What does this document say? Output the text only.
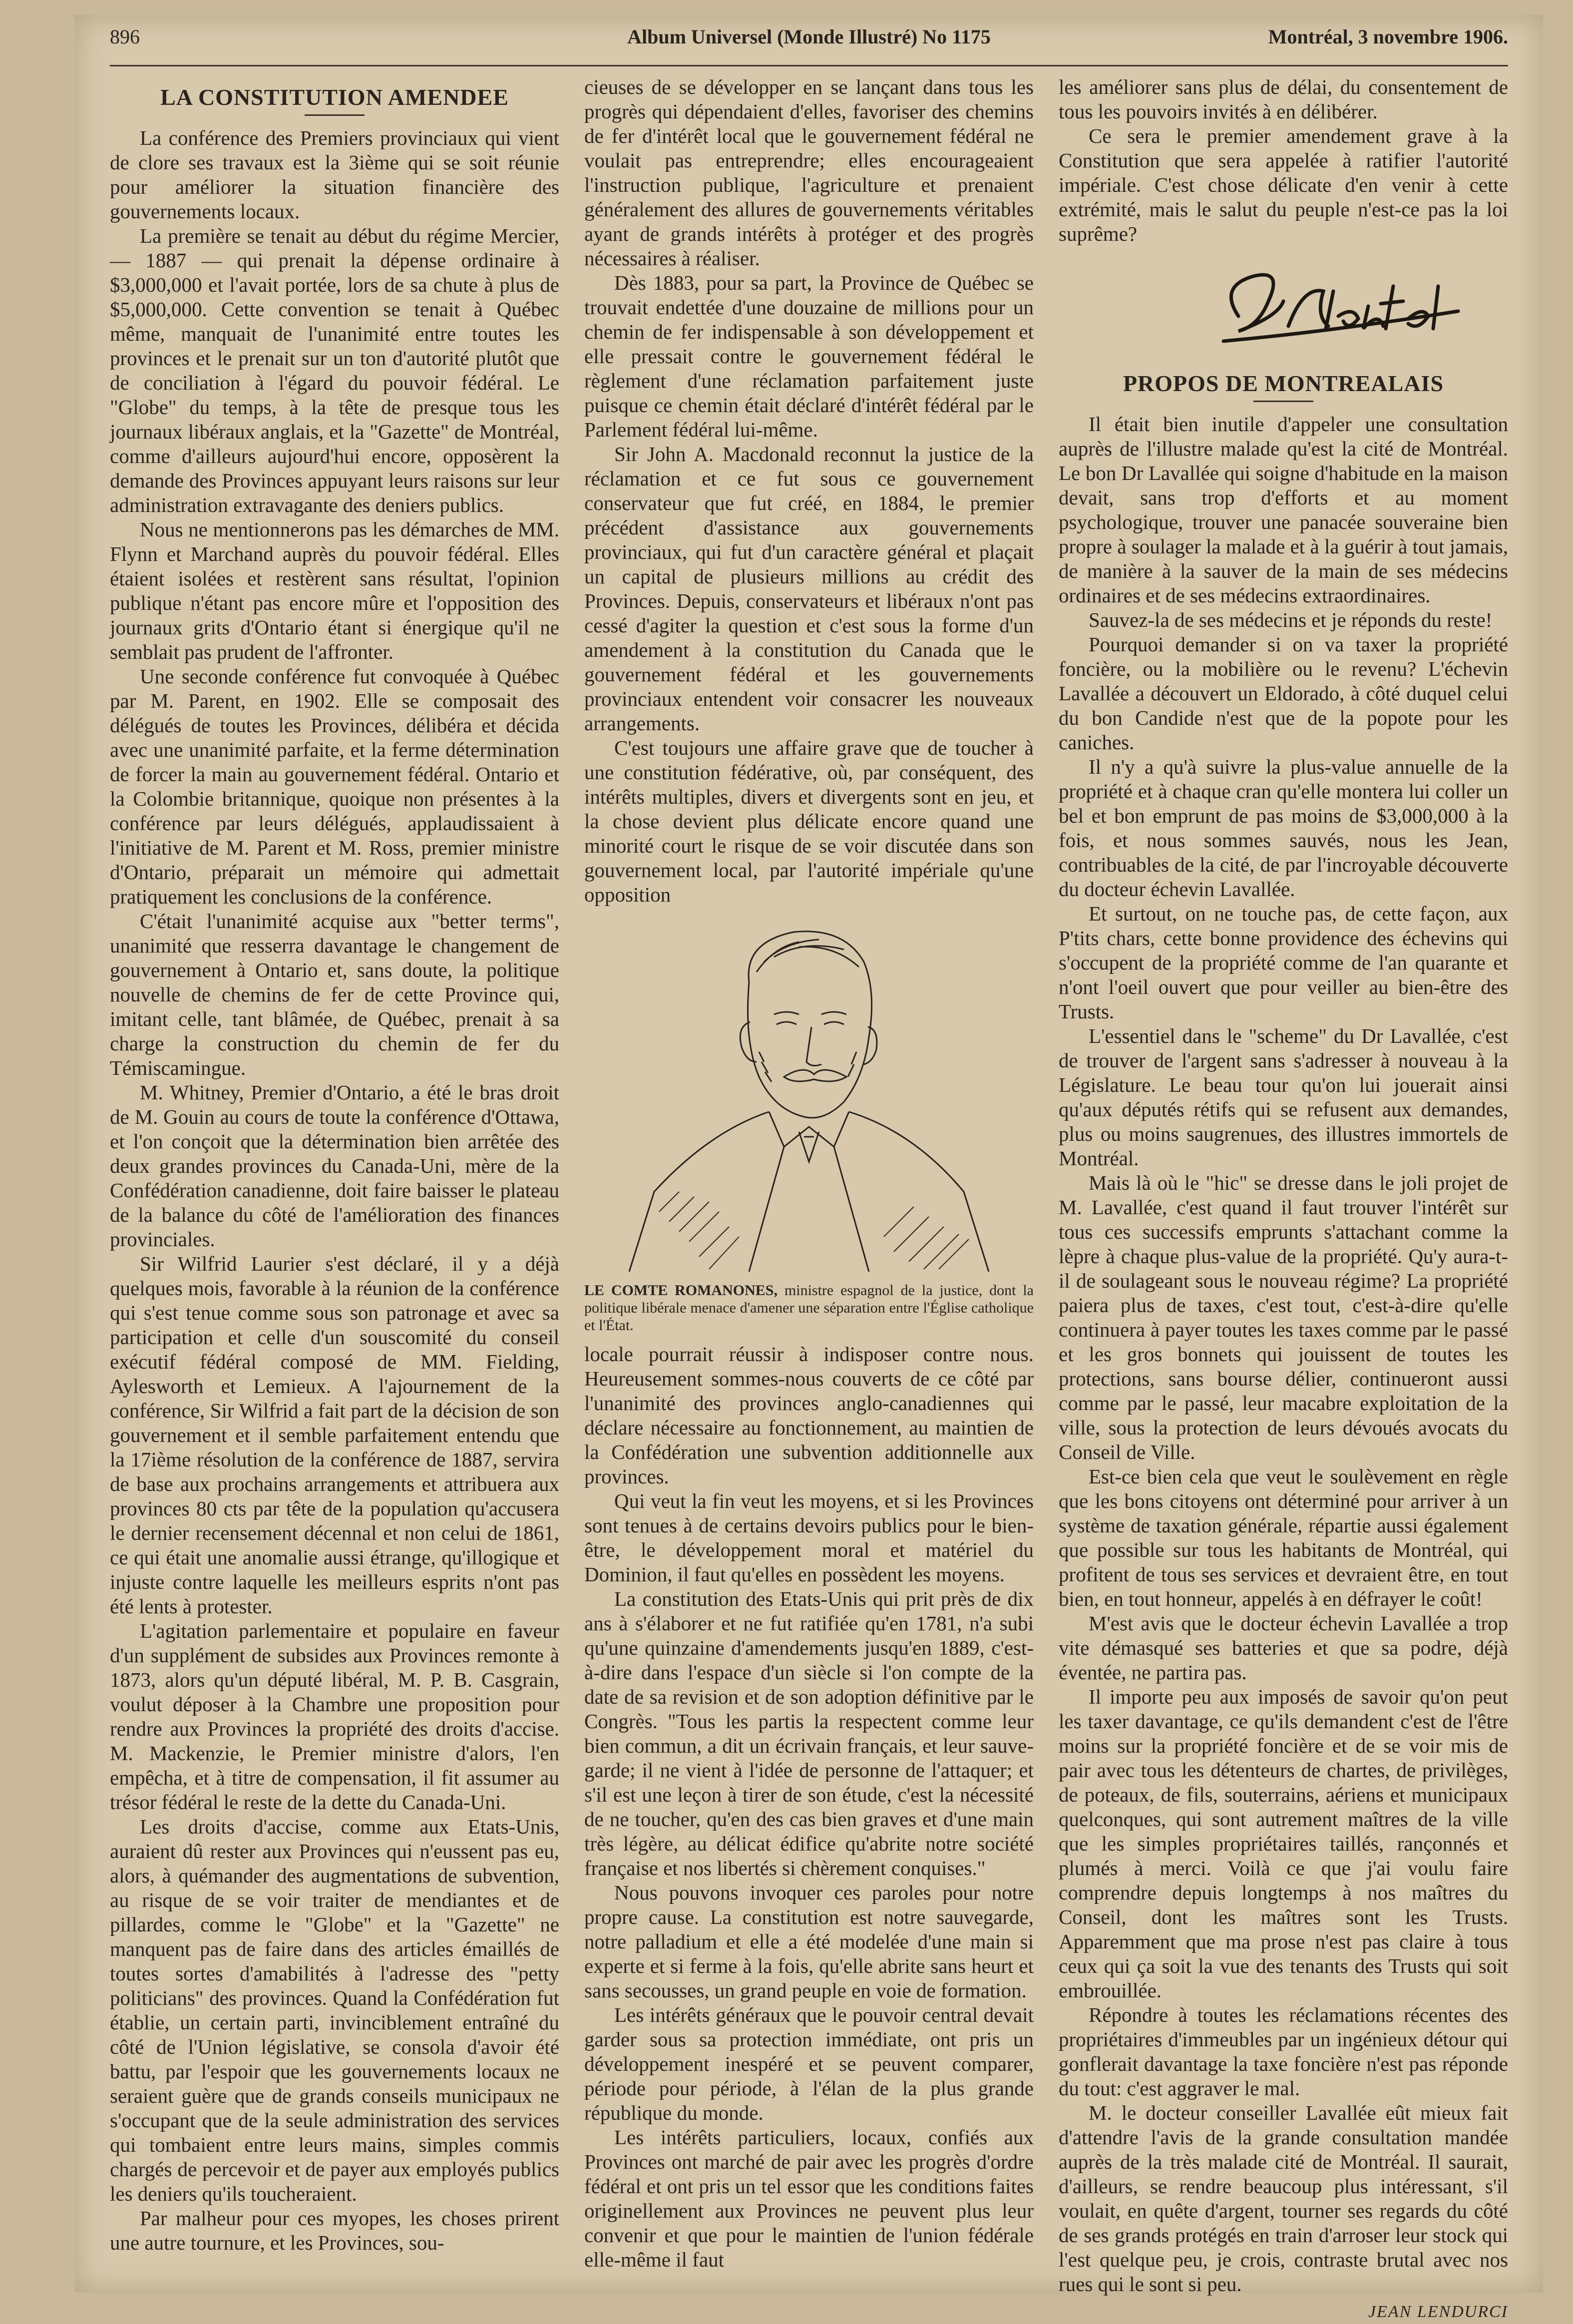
896	Album Universel (Monde Illustré) No 1175	Montréal, 3 novembre 1906.
LA CONSTITUTION AMENDEE

La conférence des Premiers provinciaux qui vient de clore ses travaux est la 3ième qui se soit réunie pour améliorer la situation financière des gouvernements locaux.

La première se tenait au début du régime Mercier, — 1887 — qui prenait la dépense ordinaire à $3,000,000 et l'avait portée, lors de sa chute à plus de $5,000,000. Cette convention se tenait à Québec même, manquait de l'unanimité entre toutes les provinces et le prenait sur un ton d'autorité plutôt que de conciliation à l'égard du pouvoir fédéral. Le "Globe" du temps, à la tête de presque tous les journaux libéraux anglais, et la "Gazette" de Montréal, comme d'ailleurs aujourd'hui encore, opposèrent la demande des Provinces appuyant leurs raisons sur leur administration extravagante des deniers publics.

Nous ne mentionnerons pas les démarches de MM. Flynn et Marchand auprès du pouvoir fédéral. Elles étaient isolées et restèrent sans résultat, l'opinion publique n'étant pas encore mûre et l'opposition des journaux grits d'Ontario étant si énergique qu'il ne semblait pas prudent de l'affronter.

Une seconde conférence fut convoquée à Québec par M. Parent, en 1902. Elle se composait des délégués de toutes les Provinces, délibéra et décida avec une unanimité parfaite, et la ferme détermination de forcer la main au gouvernement fédéral. Ontario et la Colombie britannique, quoique non présentes à la conférence par leurs délégués, applaudissaient à l'initiative de M. Parent et M. Ross, premier ministre d'Ontario, préparait un mémoire qui admettait pratiquement les conclusions de la conférence.

C'était l'unanimité acquise aux "better terms", unanimité que resserra davantage le changement de gouvernement à Ontario et, sans doute, la politique nouvelle de chemins de fer de cette Province qui, imitant celle, tant blâmée, de Québec, prenait à sa charge la construction du chemin de fer du Témiscamingue.

M. Whitney, Premier d'Ontario, a été le bras droit de M. Gouin au cours de toute la conférence d'Ottawa, et l'on conçoit que la détermination bien arrêtée des deux grandes provinces du Canada-Uni, mère de la Confédération canadienne, doit faire baisser le plateau de la balance du côté de l'amélioration des finances provinciales.

Sir Wilfrid Laurier s'est déclaré, il y a déjà quelques mois, favorable à la réunion de la conférence qui s'est tenue comme sous son patronage et avec sa participation et celle d'un souscomité du conseil exécutif fédéral composé de MM. Fielding, Aylesworth et Lemieux. A l'ajournement de la conférence, Sir Wilfrid a fait part de la décision de son gouvernement et il semble parfaitement entendu que la 17ième résolution de la conférence de 1887, servira de base aux prochains arrangements et attribuera aux provinces 80 cts par tête de la population qu'accusera le dernier recensement décennal et non celui de 1861, ce qui était une anomalie aussi étrange, qu'illogique et injuste contre laquelle les meilleurs esprits n'ont pas été lents à protester.

L'agitation parlementaire et populaire en faveur d'un supplément de subsides aux Provinces remonte à 1873, alors qu'un député libéral, M. P. B. Casgrain, voulut déposer à la Chambre une proposition pour rendre aux Provinces la propriété des droits d'accise. M. Mackenzie, le Premier ministre d'alors, l'en empêcha, et à titre de compensation, il fit assumer au trésor fédéral le reste de la dette du Canada-Uni.

Les droits d'accise, comme aux Etats-Unis, auraient dû rester aux Provinces qui n'eussent pas eu, alors, à quémander des augmentations de subvention, au risque de se voir traiter de mendiantes et de pillardes, comme le "Globe" et la "Gazette" ne manquent pas de faire dans des articles émaillés de toutes sortes d'amabilités à l'adresse des "petty politicians" des provinces. Quand la Confédération fut établie, un certain parti, invinciblement entraîné du côté de l'Union législative, se consola d'avoir été battu, par l'espoir que les gouvernements locaux ne seraient guère que de grands conseils municipaux ne s'occupant que de la seule administration des services qui tombaient entre leurs mains, simples commis chargés de percevoir et de payer aux employés publics les deniers qu'ils toucheraient.

Par malheur pour ces myopes, les choses prirent une autre tournure, et les Provinces, sou-

cieuses de se développer en se lançant dans tous les progrès qui dépendaient d'elles, favoriser des chemins de fer d'intérêt local que le gouvernement fédéral ne voulait pas entreprendre; elles encourageaient l'instruction publique, l'agriculture et prenaient généralement des allures de gouvernements véritables ayant de grands intérêts à protéger et des progrès nécessaires à réaliser.

Dès 1883, pour sa part, la Province de Québec se trouvait endettée d'une douzaine de millions pour un chemin de fer indispensable à son développement et elle pressait contre le gouvernement fédéral le règlement d'une réclamation parfaitement juste puisque ce chemin était déclaré d'intérêt fédéral par le Parlement fédéral lui-même.

Sir John A. Macdonald reconnut la justice de la réclamation et ce fut sous ce gouvernement conservateur que fut créé, en 1884, le premier précédent d'assistance aux gouvernements provinciaux, qui fut d'un caractère général et plaçait un capital de plusieurs millions au crédit des Provinces. Depuis, conservateurs et libéraux n'ont pas cessé d'agiter la question et c'est sous la forme d'un amendement à la constitution du Canada que le gouvernement fédéral et les gouvernements provinciaux entendent voir consacrer les nouveaux arrangements.

C'est toujours une affaire grave que de toucher à une constitution fédérative, où, par conséquent, des intérêts multiples, divers et divergents sont en jeu, et la chose devient plus délicate encore quand une minorité court le risque de se voir discutée dans son gouvernement local, par l'autorité impériale qu'une opposition

LE COMTE ROMANONES, ministre espagnol de la justice, dont la politique libérale menace d'amener une séparation entre l'Église catholique et l'État.

locale pourrait réussir à indisposer contre nous. Heureusement sommes-nous couverts de ce côté par l'unanimité des provinces anglo-canadiennes qui déclare nécessaire au fonctionnement, au maintien de la Confédération une subvention additionnelle aux provinces.

Qui veut la fin veut les moyens, et si les Provinces sont tenues à de certains devoirs publics pour le bien-être, le développement moral et matériel du Dominion, il faut qu'elles en possèdent les moyens.

La constitution des Etats-Unis qui prit près de dix ans à s'élaborer et ne fut ratifiée qu'en 1781, n'a subi qu'une quinzaine d'amendements jusqu'en 1889, c'est-à-dire dans l'espace d'un siècle si l'on compte de la date de sa revision et de son adoption définitive par le Congrès. "Tous les partis la respectent comme leur bien commun, a dit un écrivain français, et leur sauve-garde; il ne vient à l'idée de personne de l'attaquer; et s'il est une leçon à tirer de son étude, c'est la nécessité de ne toucher, qu'en des cas bien graves et d'une main très légère, au délicat édifice qu'abrite notre société française et nos libertés si chèrement conquises."

Nous pouvons invoquer ces paroles pour notre propre cause. La constitution est notre sauvegarde, notre palladium et elle a été modelée d'une main si experte et si ferme à la fois, qu'elle abrite sans heurt et sans secousses, un grand peuple en voie de formation.

Les intérêts généraux que le pouvoir central devait garder sous sa protection immédiate, ont pris un développement inespéré et se peuvent comparer, période pour période, à l'élan de la plus grande république du monde.

Les intérêts particuliers, locaux, confiés aux Provinces ont marché de pair avec les progrès d'ordre fédéral et ont pris un tel essor que les conditions faites originellement aux Provinces ne peuvent plus leur convenir et que pour le maintien de l'union fédérale elle-même il faut

les améliorer sans plus de délai, du consentement de tous les pouvoirs invités à en délibérer.

Ce sera le premier amendement grave à la Constitution que sera appelée à ratifier l'autorité impériale. C'est chose délicate d'en venir à cette extrémité, mais le salut du peuple n'est-ce pas la loi suprême?

PROPOS DE MONTREALAIS

Il était bien inutile d'appeler une consultation auprès de l'illustre malade qu'est la cité de Montréal. Le bon Dr Lavallée qui soigne d'habitude en la maison devait, sans trop d'efforts et au moment psychologique, trouver une panacée souveraine bien propre à soulager la malade et à la guérir à tout jamais, de manière à la sauver de la main de ses médecins ordinaires et de ses médecins extraordinaires.

Sauvez-la de ses médecins et je réponds du reste!

Pourquoi demander si on va taxer la propriété foncière, ou la mobilière ou le revenu? L'échevin Lavallée a découvert un Eldorado, à côté duquel celui du bon Candide n'est que de la popote pour les caniches.

Il n'y a qu'à suivre la plus-value annuelle de la propriété et à chaque cran qu'elle montera lui coller un bel et bon emprunt de pas moins de $3,000,000 à la fois, et nous sommes sauvés, nous les Jean, contribuables de la cité, de par l'incroyable découverte du docteur échevin Lavallée.

Et surtout, on ne touche pas, de cette façon, aux P'tits chars, cette bonne providence des échevins qui s'occupent de la propriété comme de l'an quarante et n'ont l'oeil ouvert que pour veiller au bien-être des Trusts.

L'essentiel dans le "scheme" du Dr Lavallée, c'est de trouver de l'argent sans s'adresser à nouveau à la Législature. Le beau tour qu'on lui jouerait ainsi qu'aux députés rétifs qui se refusent aux demandes, plus ou moins saugrenues, des illustres immortels de Montréal.

Mais là où le "hic" se dresse dans le joli projet de M. Lavallée, c'est quand il faut trouver l'intérêt sur tous ces successifs emprunts s'attachant comme la lèpre à chaque plus-value de la propriété. Qu'y aura-t-il de soulageant sous le nouveau régime? La propriété paiera plus de taxes, c'est tout, c'est-à-dire qu'elle continuera à payer toutes les taxes comme par le passé et les gros bonnets qui jouissent de toutes les protections, sans bourse délier, continueront aussi comme par le passé, leur macabre exploitation de la ville, sous la protection de leurs dévoués avocats du Conseil de Ville.

Est-ce bien cela que veut le soulèvement en règle que les bons citoyens ont déterminé pour arriver à un système de taxation générale, répartie aussi également que possible sur tous les habitants de Montréal, qui profitent de tous ses services et devraient être, en tout bien, en tout honneur, appelés à en défrayer le coût!

M'est avis que le docteur échevin Lavallée a trop vite démasqué ses batteries et que sa podre, déjà éventée, ne partira pas.

Il importe peu aux imposés de savoir qu'on peut les taxer davantage, ce qu'ils demandent c'est de l'être moins sur la propriété foncière et de se voir mis de pair avec tous les détenteurs de chartes, de privilèges, de poteaux, de fils, souterrains, aériens et municipaux quelconques, qui sont autrement maîtres de la ville que les simples propriétaires taillés, rançonnés et plumés à merci. Voilà ce que j'ai voulu faire comprendre depuis longtemps à nos maîtres du Conseil, dont les maîtres sont les Trusts. Apparemment que ma prose n'est pas claire à tous ceux qui ça soit la vue des tenants des Trusts qui soit embrouillée.

Répondre à toutes les réclamations récentes des propriétaires d'immeubles par un ingénieux détour qui gonflerait davantage la taxe foncière n'est pas réponde du tout: c'est aggraver le mal.

M. le docteur conseiller Lavallée eût mieux fait d'attendre l'avis de la grande consultation mandée auprès de la très malade cité de Montréal. Il saurait, d'ailleurs, se rendre beaucoup plus intéressant, s'il voulait, en quête d'argent, tourner ses regards du côté de ses grands protégés en train d'arroser leur stock qui l'est quelque peu, je crois, contraste brutal avec nos rues qui le sont si peu.

JEAN LENDURCI
